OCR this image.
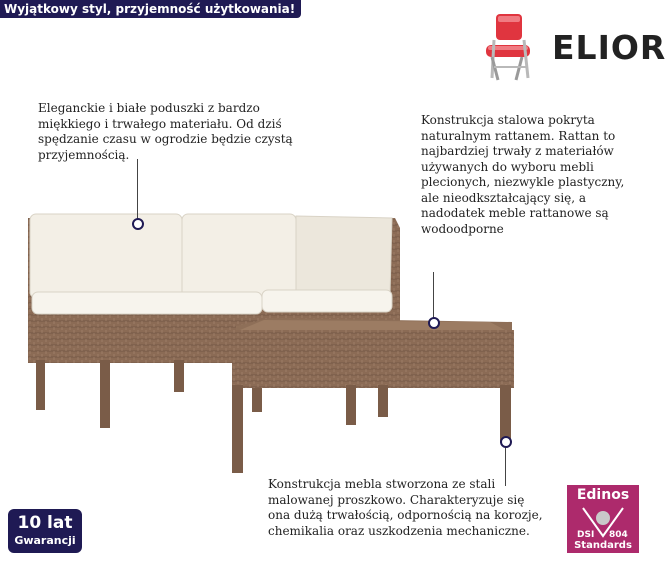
Wyjątkowy styl, przyjemność użytkowania!
ELIOR
Eleganckie i białe poduszki z bardzo miękkiego i trwałego materiału. Od dziś spędzanie czasu w ogrodzie będzie czystą przyjemnością.
Konstrukcja stalowa pokryta naturalnym rattanem. Rattan to najbardziej trwały z materiałów używanych do wyboru mebli plecionych, niezwykle plastyczny, ale nieodkształcający się, a nadodatek meble rattanowe są wodoodporne
Konstrukcja mebla stworzona ze stali malowanej proszkowo. Charakteryzuje się ona dużą trwałością, odpornością na korozje, chemikalia oraz uszkodzenia mechaniczne.
10 lat
Gwarancji
Edinos
DSI 804
Standards
